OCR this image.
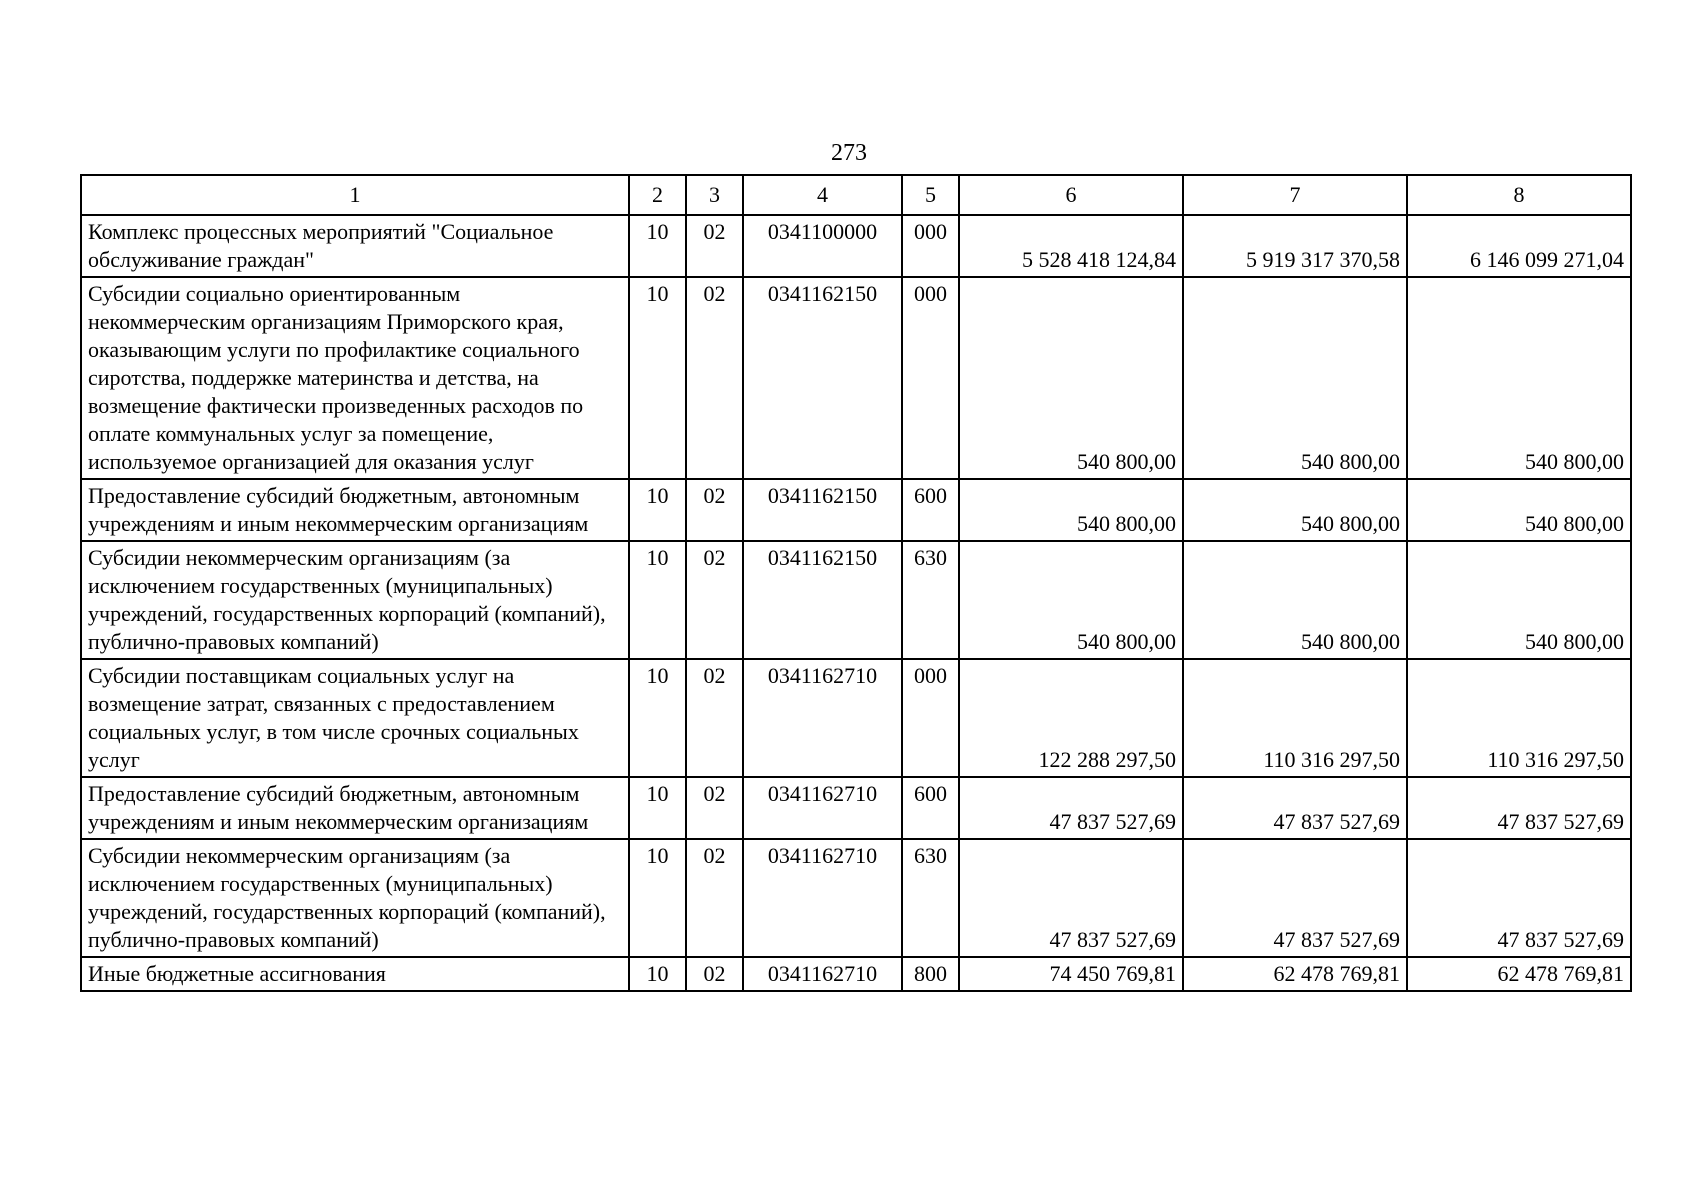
273
1	2	3	4	5	6	7	8
Комплекс процессных мероприятий "Социальное обслуживание граждан"	10	02	0341100000	000	5 528 418 124,84	5 919 317 370,58	6 146 099 271,04
Субсидии социально ориентированным некоммерческим организациям Приморского края, оказывающим услуги по профилактике социального сиротства, поддержке материнства и детства, на возмещение фактически произведенных расходов по оплате коммунальных услуг за помещение, используемое организацией для оказания услуг	10	02	0341162150	000	540 800,00	540 800,00	540 800,00
Предоставление субсидий бюджетным, автономным учреждениям и иным некоммерческим организациям	10	02	0341162150	600	540 800,00	540 800,00	540 800,00
Субсидии некоммерческим организациям (за исключением государственных (муниципальных) учреждений, государственных корпораций (компаний), публично-правовых компаний)	10	02	0341162150	630	540 800,00	540 800,00	540 800,00
Субсидии поставщикам социальных услуг на возмещение затрат, связанных с предоставлением социальных услуг, в том числе срочных социальных услуг	10	02	0341162710	000	122 288 297,50	110 316 297,50	110 316 297,50
Предоставление субсидий бюджетным, автономным учреждениям и иным некоммерческим организациям	10	02	0341162710	600	47 837 527,69	47 837 527,69	47 837 527,69
Субсидии некоммерческим организациям (за исключением государственных (муниципальных) учреждений, государственных корпораций (компаний), публично-правовых компаний)	10	02	0341162710	630	47 837 527,69	47 837 527,69	47 837 527,69
Иные бюджетные ассигнования	10	02	0341162710	800	74 450 769,81	62 478 769,81	62 478 769,81
